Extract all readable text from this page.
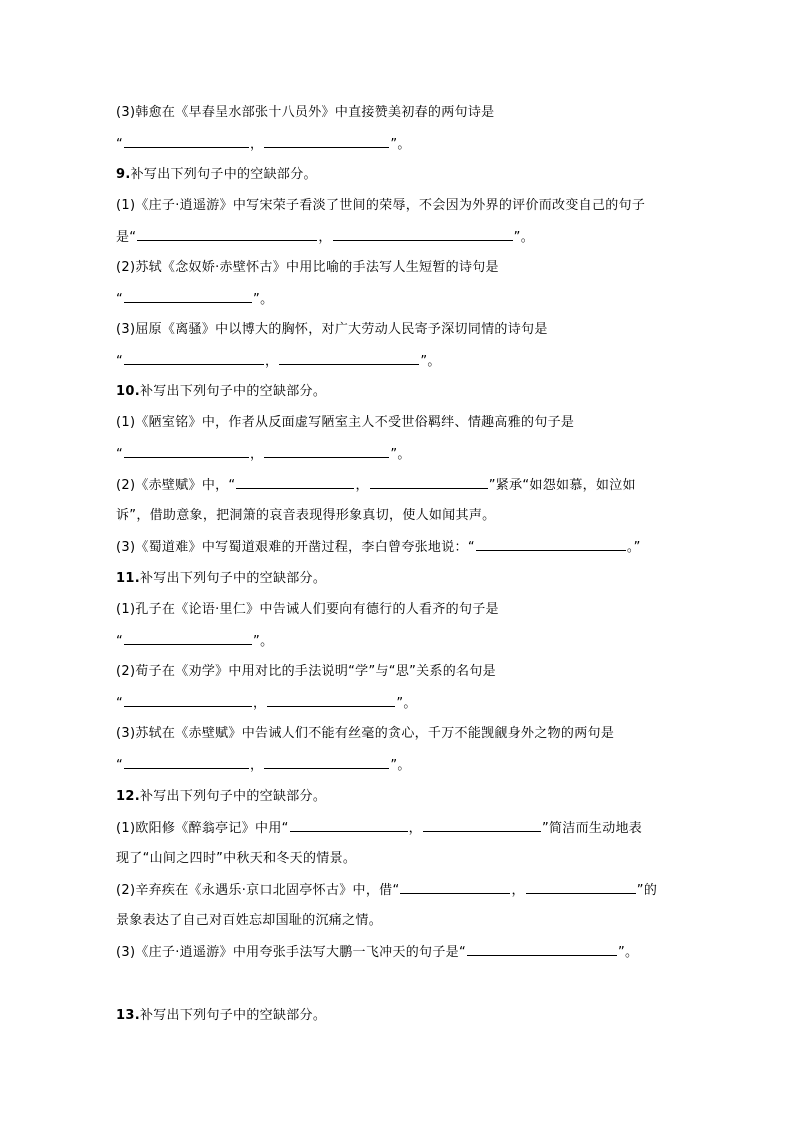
(3)韩愈在《早春呈水部张十八员外》中直接赞美初春的两句诗是
“	，	”。
9.补写出下列句子中的空缺部分。
(1)《庄子·逍遥游》中写宋荣子看淡了世间的荣辱，不会因为外界的评价而改变自己的句子
是“	，	”。
(2)苏轼《念奴娇·赤壁怀古》中用比喻的手法写人生短暂的诗句是
“	”。
(3)屈原《离骚》中以博大的胸怀，对广大劳动人民寄予深切同情的诗句是
“	，	”。
10.补写出下列句子中的空缺部分。
(1)《陋室铭》中，作者从反面虚写陋室主人不受世俗羁绊、情趣高雅的句子是
“	，	”。
(2)《赤壁赋》中，“	，	”紧承“如怨如慕，如泣如
诉”，借助意象，把洞箫的哀音表现得形象真切，使人如闻其声。
(3)《蜀道难》中写蜀道艰难的开凿过程，李白曾夸张地说：“	。”
11.补写出下列句子中的空缺部分。
(1)孔子在《论语·里仁》中告诫人们要向有德行的人看齐的句子是
“	”。
(2)荀子在《劝学》中用对比的手法说明“学”与“思”关系的名句是
“	，	”。
(3)苏轼在《赤壁赋》中告诫人们不能有丝毫的贪心，千万不能觊觎身外之物的两句是
“	，	”。
12.补写出下列句子中的空缺部分。
(1)欧阳修《醉翁亭记》中用“	，	”简洁而生动地表
现了“山间之四时”中秋天和冬天的情景。
(2)辛弃疾在《永遇乐·京口北固亭怀古》中，借“	，	”的
景象表达了自己对百姓忘却国耻的沉痛之情。
(3)《庄子·逍遥游》中用夸张手法写大鹏一飞冲天的句子是“	”。
13.补写出下列句子中的空缺部分。
